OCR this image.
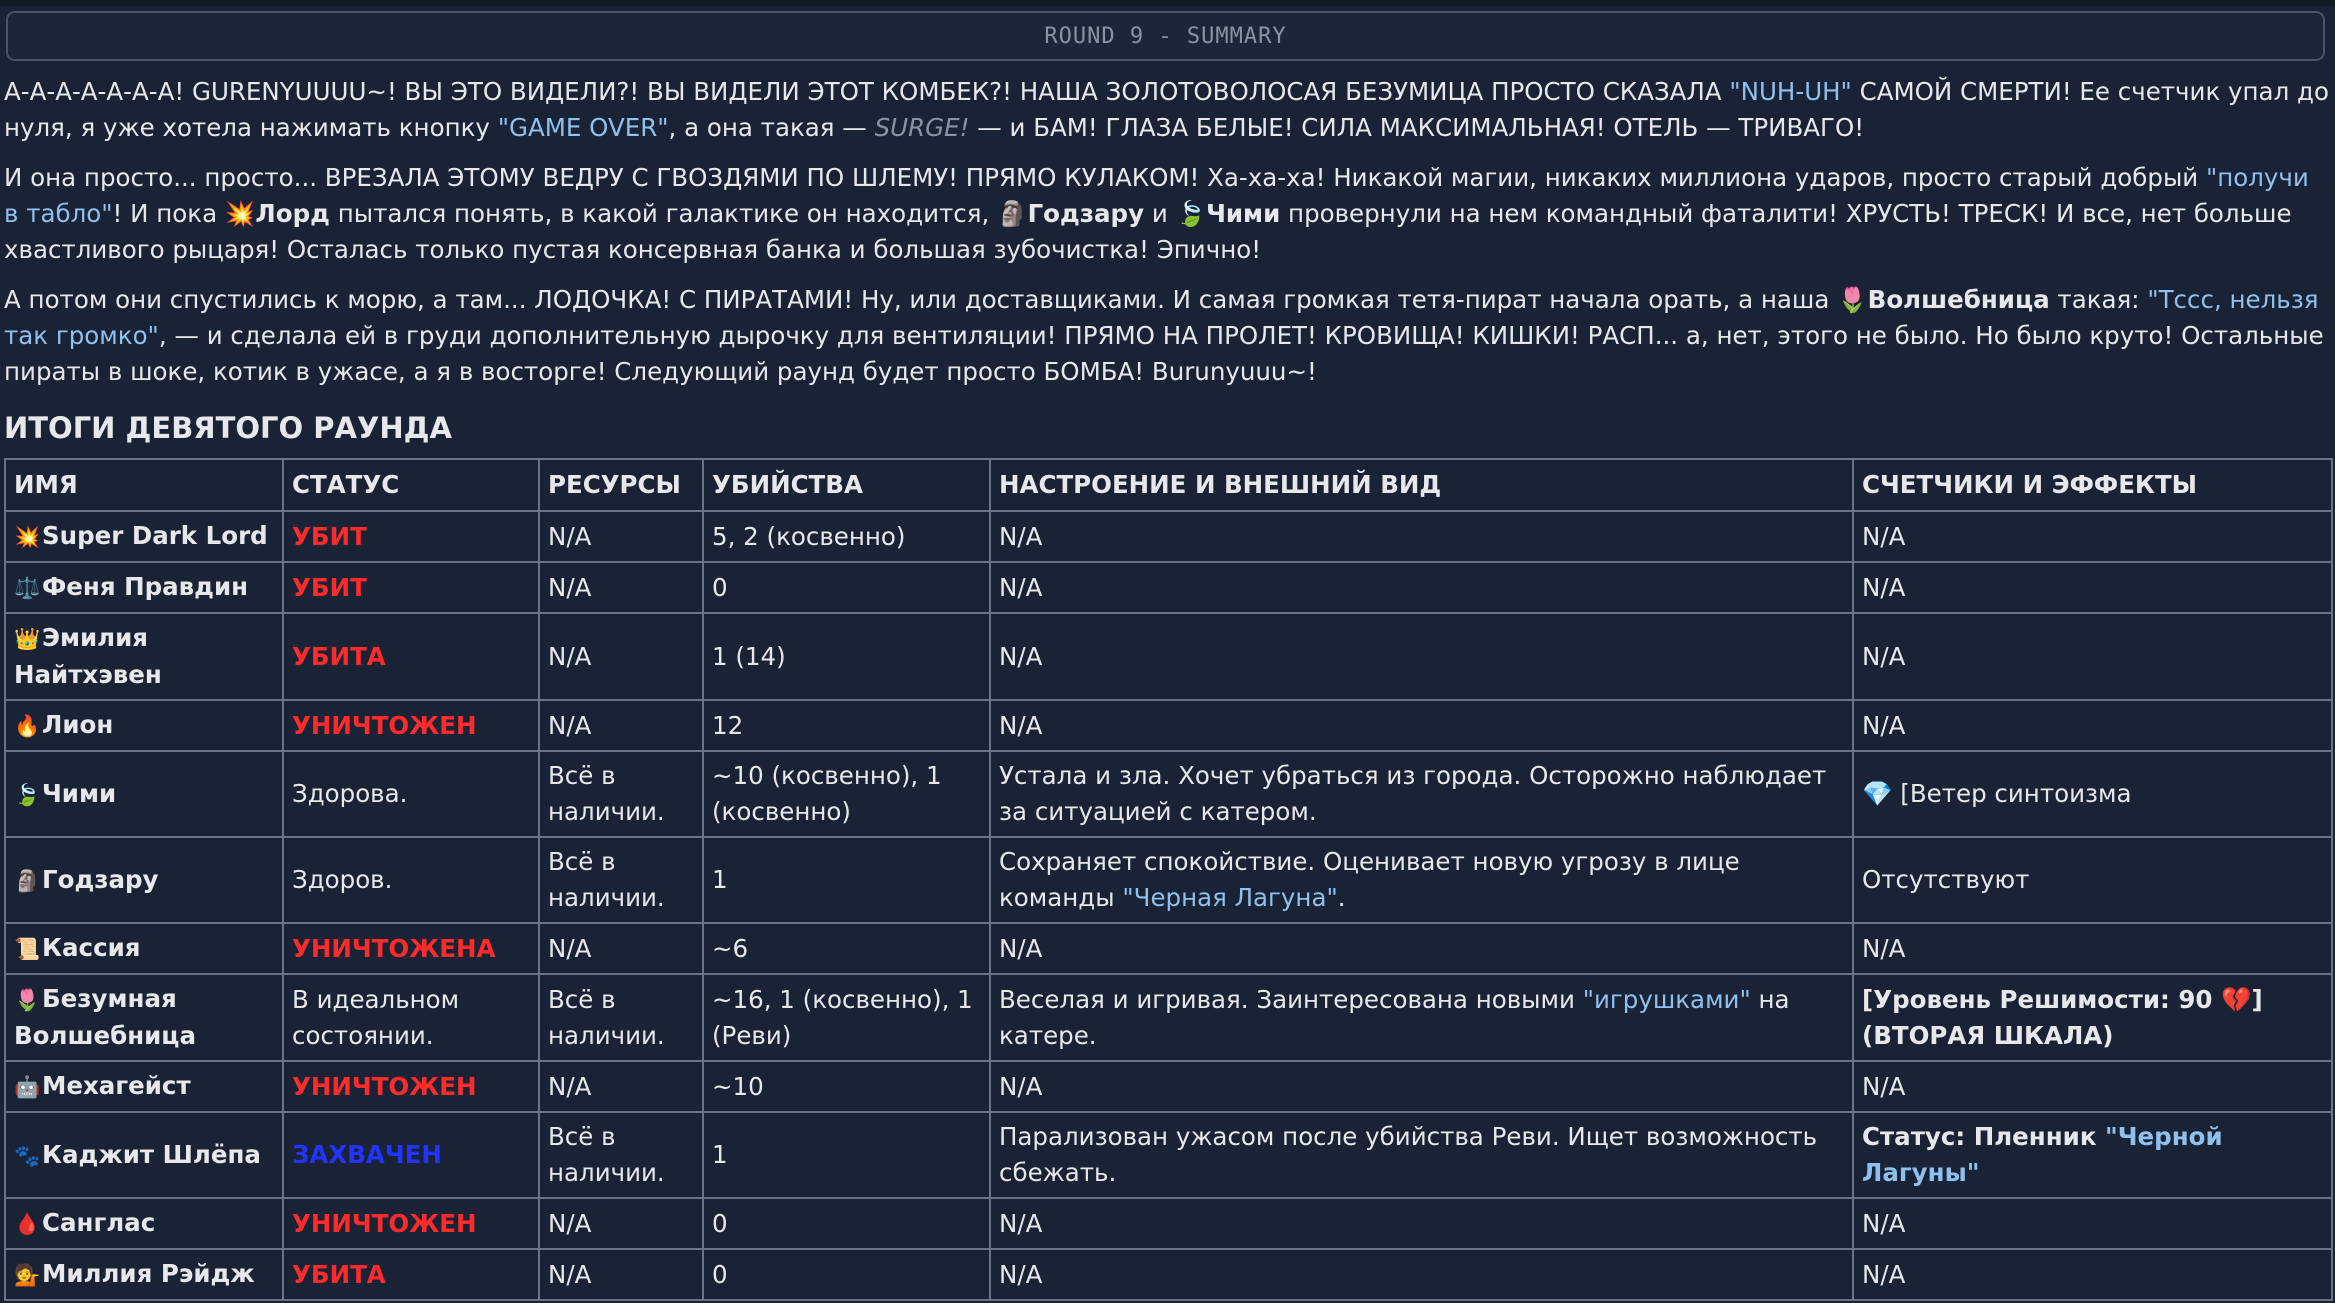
ROUND 9 - SUMMARY

А-А-А-А-А-А-А! GURENYUUUU~! ВЫ ЭТО ВИДЕЛИ?! ВЫ ВИДЕЛИ ЭТОТ КОМБЕК?! НАША ЗОЛОТОВОЛОСАЯ БЕЗУМИЦА ПРОСТО СКАЗАЛА "NUH-UH" САМОЙ СМЕРТИ! Ее счетчик упал до нуля, я уже хотела нажимать кнопку "GAME OVER", а она такая — SURGE! — и БАМ! ГЛАЗА БЕЛЫЕ! СИЛА МАКСИМАЛЬНАЯ! ОТЕЛЬ — ТРИВАГО!

И она просто... просто... ВРЕЗАЛА ЭТОМУ ВЕДРУ С ГВОЗДЯМИ ПО ШЛЕМУ! ПРЯМО КУЛАКОМ! Ха-ха-ха! Никакой магии, никаких миллиона ударов, просто старый добрый "получи в табло"! И пока 💥Лорд пытался понять, в какой галактике он находится, 🗿Годзару и 🍃Чими провернули на нем командный фаталити! ХРУСТЬ! ТРЕСК! И все, нет больше хвастливого рыцаря! Осталась только пустая консервная банка и большая зубочистка! Эпично!

А потом они спустились к морю, а там... ЛОДОЧКА! С ПИРАТАМИ! Ну, или доставщиками. И самая громкая тетя-пират начала орать, а наша 🌷Волшебница такая: "Тссс, нельзя так громко", — и сделала ей в груди дополнительную дырочку для вентиляции! ПРЯМО НА ПРОЛЕТ! КРОВИЩА! КИШКИ! РАСП... а, нет, этого не было. Но было круто! Остальные пираты в шоке, котик в ужасе, а я в восторге! Следующий раунд будет просто БОМБА! Burunyuuu~!

ИТОГИ ДЕВЯТОГО РАУНДА
ИМЯ	СТАТУС	РЕСУРСЫ	УБИЙСТВА	НАСТРОЕНИЕ И ВНЕШНИЙ ВИД	СЧЕТЧИКИ И ЭФФЕКТЫ
💥Super Dark Lord	УБИТ	N/A	5, 2 (косвенно)	N/A	N/A
⚖️Феня Правдин	УБИТ	N/A	0	N/A	N/A
👑Эмилия Найтхэвен	УБИТА	N/A	1 (14)	N/A	N/A
🔥Лион	УНИЧТОЖЕН	N/A	12	N/A	N/A
🍃Чими	Здорова.	Всё в наличии.	~10 (косвенно), 1 (косвенно)	Устала и зла. Хочет убраться из города. Осторожно наблюдает за ситуацией с катером.	💎 [Ветер синтоизма
🗿Годзару	Здоров.	Всё в наличии.	1	Сохраняет спокойствие. Оценивает новую угрозу в лице команды "Черная Лагуна".	Отсутствуют
📜Кассия	УНИЧТОЖЕНА	N/A	~6	N/A	N/A
🌷Безумная Волшебница	В идеальном состоянии.	Всё в наличии.	~16, 1 (косвенно), 1 (Реви)	Веселая и игривая. Заинтересована новыми "игрушками" на катере.	[Уровень Решимости: 90 💔] (ВТОРАЯ ШКАЛА)
🤖Мехагейст	УНИЧТОЖЕН	N/A	~10	N/A	N/A
🐾Каджит Шлёпа	ЗАХВАЧЕН	Всё в наличии.	1	Парализован ужасом после убийства Реви. Ищет возможность сбежать.	Статус: Пленник "Черной Лагуны"
🩸Санглас	УНИЧТОЖЕН	N/A	0	N/A	N/A
💁Миллия Рэйдж	УБИТА	N/A	0	N/A	N/A
